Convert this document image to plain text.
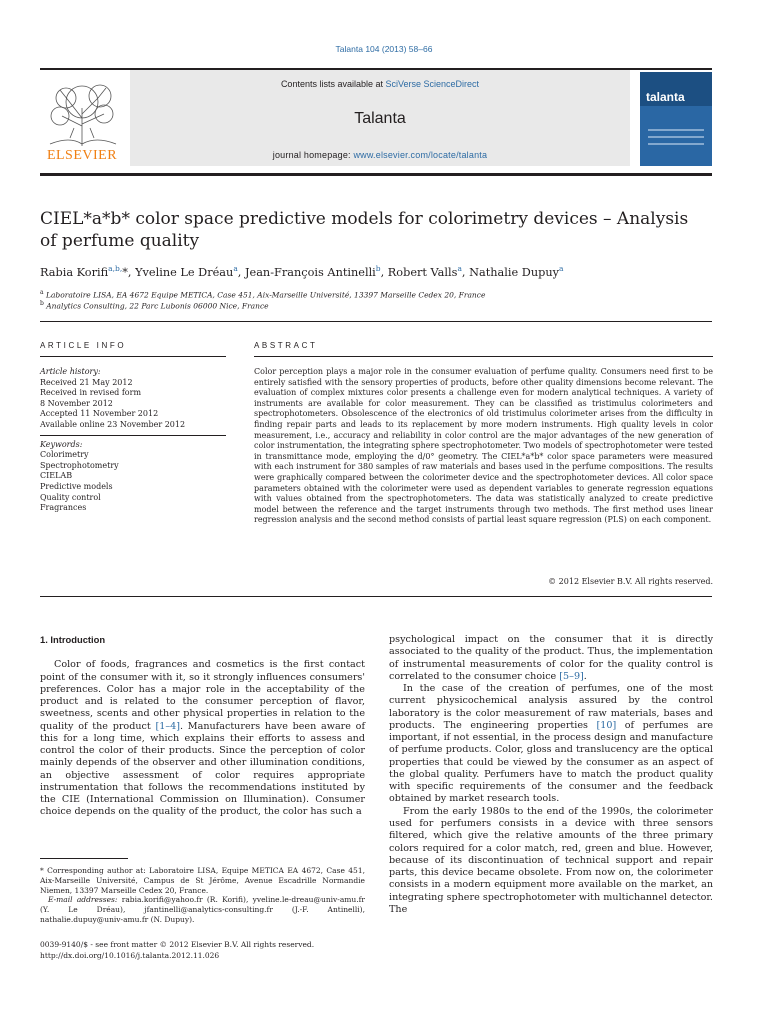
Talanta 104 (2013) 58–66
ELSEVIER
Contents lists available at SciVerse ScienceDirect
Talanta
journal homepage: www.elsevier.com/locate/talanta
talanta
CIEL*a*b* color space predictive models for colorimetry devices – Analysis
of perfume quality
Rabia Korifi$^{a,b,}$*, Yveline Le Dréau$^a$, Jean-François Antinelli$^b$, Robert Valls$^a$, Nathalie Dupuy$^a$
$^a$ Laboratoire LISA, EA 4672 Equipe METICA, Case 451, Aix-Marseille Université, 13397 Marseille Cedex 20, France
$^b$ Analytics Consulting, 22 Parc Lubonis 06000 Nice, France
ARTICLE INFO	ABSTRACT
Article history:
Received 21 May 2012
Received in revised form
8 November 2012
Accepted 11 November 2012
Available online 23 November 2012
Keywords:
Colorimetry
Spectrophotometry
CIELAB
Predictive models
Quality control
Fragrances
Color perception plays a major role in the consumer evaluation of perfume quality. Consumers need first to be entirely satisfied with the sensory properties of products, before other quality dimensions become relevant. The evaluation of complex mixtures color presents a challenge even for modern analytical techniques. A variety of instruments are available for color measurement. They can be classified as tristimulus colorimeters and spectrophotometers. Obsolescence of the electronics of old tristimulus colorimeter arises from the difficulty in finding repair parts and leads to its replacement by more modern instruments. High quality levels in color measurement, i.e., accuracy and reliability in color control are the major advantages of the new generation of color instrumentation, the integrating sphere spectrophotometer. Two models of spectrophotometer were tested in transmittance mode, employing the d/0° geometry. The CIEL*a*b* color space parameters were measured with each instrument for 380 samples of raw materials and bases used in the perfume compositions. The results were graphically compared between the colorimeter device and the spectrophotometer devices. All color space parameters obtained with the colorimeter were used as dependent variables to generate regression equations with values obtained from the spectrophotometers. The data was statistically analyzed to create predictive model between the reference and the target instruments through two methods. The first method uses linear regression analysis and the second method consists of partial least square regression (PLS) on each component.
© 2012 Elsevier B.V. All rights reserved.
1. Introduction

Color of foods, fragrances and cosmetics is the first contact point of the consumer with it, so it strongly influences consumers' preferences. Color has a major role in the acceptability of the product and is related to the consumer perception of flavor, sweetness, scents and other physical properties in relation to the quality of the product [1–4]. Manufacturers have been aware of this for a long time, which explains their efforts to assess and control the color of their products. Since the perception of color mainly depends of the observer and other illumination conditions, an objective assessment of color requires appropriate instrumentation that follows the recommendations instituted by the CIE (International Commission on Illumination). Consumer choice depends on the quality of the product, the color has such a

psychological impact on the consumer that it is directly associated to the quality of the product. Thus, the implementation of instrumental measurements of color for the quality control is correlated to the consumer choice [5–9].

In the case of the creation of perfumes, one of the most current physicochemical analysis assured by the control laboratory is the color measurement of raw materials, bases and products. The engineering properties [10] of perfumes are important, if not essential, in the process design and manufacture of perfume products. Color, gloss and translucency are the optical properties that could be viewed by the consumer as an aspect of the global quality. Perfumers have to match the product quality with specific requirements of the consumer and the feedback obtained by market research tools.

From the early 1980s to the end of the 1990s, the colorimeter used for perfumers consists in a device with three sensors filtered, which give the relative amounts of the three primary colors required for a color match, red, green and blue. However, because of its discontinuation of technical support and repair parts, this device became obsolete. From now on, the colorimeter consists in a modern equipment more available on the market, an integrating sphere spectrophotometer with multichannel detector. The

* Corresponding author at: Laboratoire LISA, Equipe METICA EA 4672, Case 451, Aix-Marseille Université, Campus de St Jérôme, Avenue Escadrille Normandie Niemen, 13397 Marseille Cedex 20, France.
E-mail addresses: rabia.korifi@yahoo.fr (R. Korifi), yveline.le-dreau@univ-amu.fr (Y. Le Dréau), jfantinelli@analytics-consulting.fr (J.-F. Antinelli), nathalie.dupuy@univ-amu.fr (N. Dupuy).
0039-9140/$ - see front matter © 2012 Elsevier B.V. All rights reserved.
http://dx.doi.org/10.1016/j.talanta.2012.11.026
